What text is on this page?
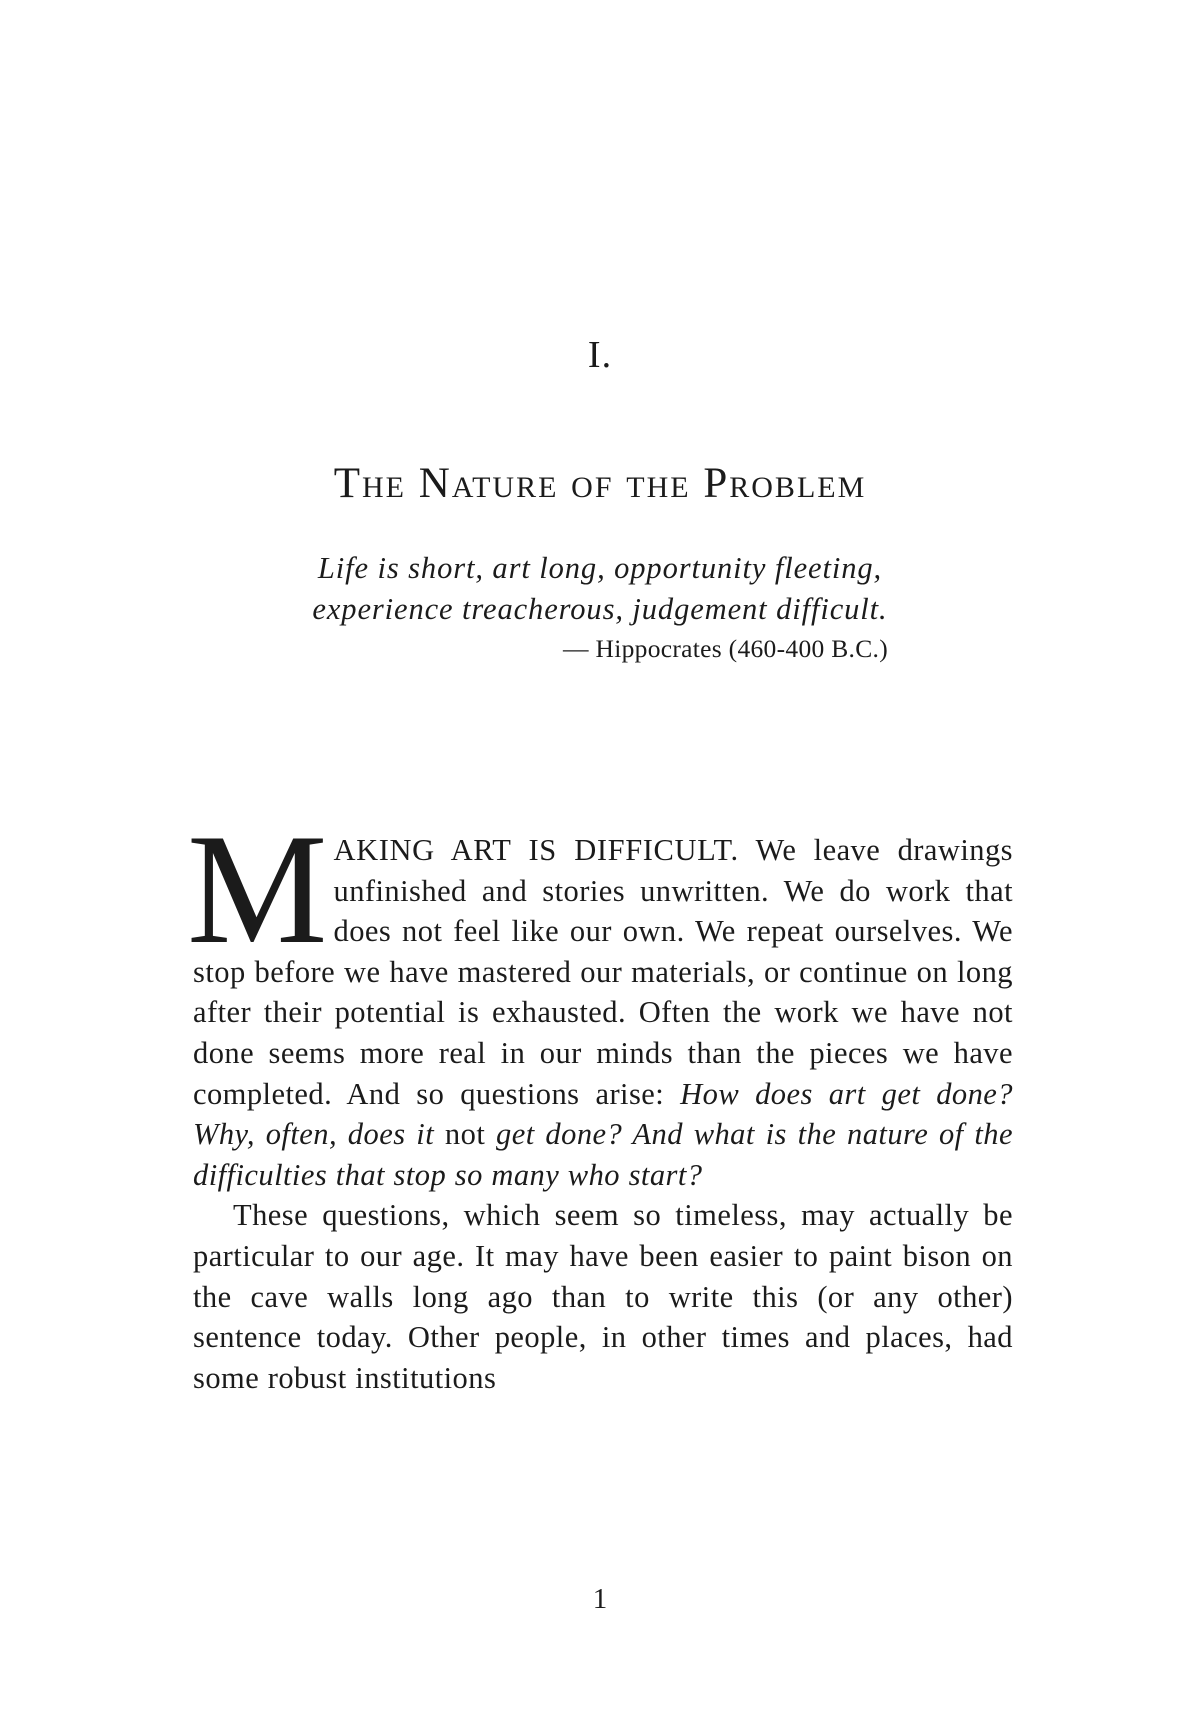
I.
The Nature of the Problem
Life is short, art long, opportunity fleeting,
experience treacherous, judgement difficult.
— Hippocrates (460-400 B.C.)

MAKING ART IS DIFFICULT. We leave drawings unfinished and stories unwritten. We do work that does not feel like our own. We repeat ourselves. We stop before we have mastered our materials, or continue on long after their potential is exhausted. Often the work we have not done seems more real in our minds than the pieces we have completed. And so questions arise: How does art get done? Why, often, does it not get done? And what is the nature of the difficulties that stop so many who start?

These questions, which seem so timeless, may actually be particular to our age. It may have been easier to paint bison on the cave walls long ago than to write this (or any other) sentence today. Other people, in other times and places, had some robust institutions

1
